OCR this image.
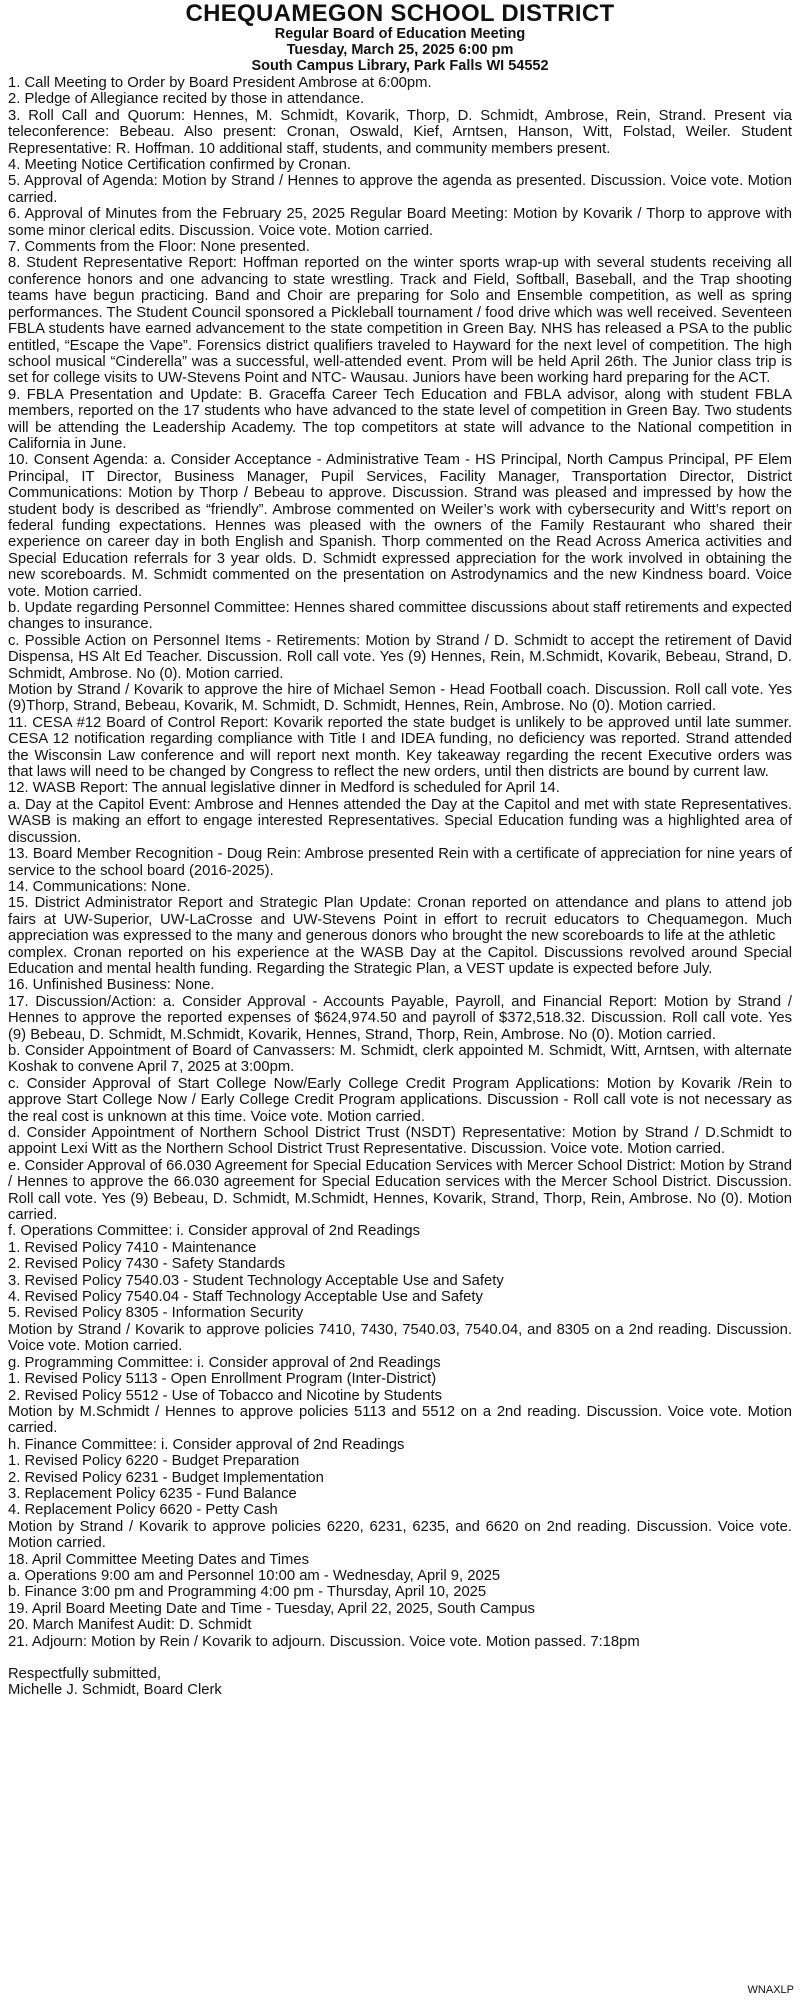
CHEQUAMEGON SCHOOL DISTRICT
Regular Board of Education Meeting
Tuesday, March 25, 2025 6:00 pm
South Campus Library, Park Falls WI 54552

1. Call Meeting to Order by Board President Ambrose at 6:00pm.

2. Pledge of Allegiance recited by those in attendance.

3. Roll Call and Quorum: Hennes, M. Schmidt, Kovarik, Thorp, D. Schmidt, Ambrose, Rein, Strand. Present via teleconference: Bebeau. Also present: Cronan, Oswald, Kief, Arntsen, Hanson, Witt, Folstad, Weiler. Student Representative: R. Hoffman. 10 additional staff, students, and community members present.

4. Meeting Notice Certification confirmed by Cronan.

5. Approval of Agenda: Motion by Strand / Hennes to approve the agenda as presented. Discussion. Voice vote. Motion carried.

6. Approval of Minutes from the February 25, 2025 Regular Board Meeting: Motion by Kovarik / Thorp to approve with some minor clerical edits. Discussion. Voice vote. Motion carried.

7. Comments from the Floor: None presented.

8. Student Representative Report: Hoffman reported on the winter sports wrap-up with several students receiving all conference honors and one advancing to state wrestling. Track and Field, Softball, Baseball, and the Trap shooting teams have begun practicing. Band and Choir are preparing for Solo and Ensemble competition, as well as spring performances. The Student Council sponsored a Pickleball tournament / food drive which was well received. Seventeen FBLA students have earned advancement to the state competition in Green Bay. NHS has released a PSA to the public entitled, “Escape the Vape”. Forensics district qualifiers traveled to Hayward for the next level of competition. The high school musical “Cinderella” was a successful, well-attended event. Prom will be held April 26th. The Junior class trip is set for college visits to UW-Stevens Point and NTC- Wausau. Juniors have been working hard preparing for the ACT.

9. FBLA Presentation and Update: B. Graceffa Career Tech Education and FBLA advisor, along with student FBLA members, reported on the 17 students who have advanced to the state level of competition in Green Bay. Two students will be attending the Leadership Academy. The top competitors at state will advance to the National competition in California in June.

10. Consent Agenda: a. Consider Acceptance - Administrative Team - HS Principal, North Campus Principal, PF Elem Principal, IT Director, Business Manager, Pupil Services, Facility Manager, Transportation Director, District Communications: Motion by Thorp / Bebeau to approve. Discussion. Strand was pleased and impressed by how the student body is described as “friendly”. Ambrose commented on Weiler’s work with cybersecurity and Witt’s report on federal funding expectations. Hennes was pleased with the owners of the Family Restaurant who shared their experience on career day in both English and Spanish. Thorp commented on the Read Across America activities and Special Education referrals for 3 year olds. D. Schmidt expressed appreciation for the work involved in obtaining the new scoreboards. M. Schmidt commented on the presentation on Astrodynamics and the new Kindness board. Voice vote. Motion carried.

b. Update regarding Personnel Committee: Hennes shared committee discussions about staff retirements and expected changes to insurance.

c. Possible Action on Personnel Items - Retirements: Motion by Strand / D. Schmidt to accept the retirement of David Dispensa, HS Alt Ed Teacher. Discussion. Roll call vote. Yes (9) Hennes, Rein, M.Schmidt, Kovarik, Bebeau, Strand, D. Schmidt, Ambrose. No (0). Motion carried.

Motion by Strand / Kovarik to approve the hire of Michael Semon - Head Football coach. Discussion. Roll call vote. Yes (9)Thorp, Strand, Bebeau, Kovarik, M. Schmidt, D. Schmidt, Hennes, Rein, Ambrose. No (0). Motion carried.

11. CESA #12 Board of Control Report: Kovarik reported the state budget is unlikely to be approved until late summer. CESA 12 notification regarding compliance with Title I and IDEA funding, no deficiency was reported. Strand attended the Wisconsin Law conference and will report next month. Key takeaway regarding the recent Executive orders was that laws will need to be changed by Congress to reflect the new orders, until then districts are bound by current law.

12. WASB Report: The annual legislative dinner in Medford is scheduled for April 14.

a. Day at the Capitol Event: Ambrose and Hennes attended the Day at the Capitol and met with state Representatives. WASB is making an effort to engage interested Representatives. Special Education funding was a highlighted area of discussion.

13. Board Member Recognition - Doug Rein: Ambrose presented Rein with a certificate of appreciation for nine years of service to the school board (2016-2025).

14. Communications: None.

15. District Administrator Report and Strategic Plan Update: Cronan reported on attendance and plans to attend job fairs at UW-Superior, UW-LaCrosse and UW-Stevens Point in effort to recruit educators to Chequamegon. Much appreciation was expressed to the many and generous donors who brought the new scoreboards to life at the athletic

complex. Cronan reported on his experience at the WASB Day at the Capitol. Discussions revolved around Special Education and mental health funding. Regarding the Strategic Plan, a VEST update is expected before July.

16. Unfinished Business: None.

17. Discussion/Action: a. Consider Approval - Accounts Payable, Payroll, and Financial Report: Motion by Strand / Hennes to approve the reported expenses of $624,974.50 and payroll of $372,518.32. Discussion. Roll call vote. Yes (9) Bebeau, D. Schmidt, M.Schmidt, Kovarik, Hennes, Strand, Thorp, Rein, Ambrose. No (0). Motion carried.

b. Consider Appointment of Board of Canvassers: M. Schmidt, clerk appointed M. Schmidt, Witt, Arntsen, with alternate Koshak to convene April 7, 2025 at 3:00pm.

c. Consider Approval of Start College Now/Early College Credit Program Applications: Motion by Kovarik /Rein to approve Start College Now / Early College Credit Program applications. Discussion - Roll call vote is not necessary as the real cost is unknown at this time. Voice vote. Motion carried.

d. Consider Appointment of Northern School District Trust (NSDT) Representative: Motion by Strand / D.Schmidt to appoint Lexi Witt as the Northern School District Trust Representative. Discussion. Voice vote. Motion carried.

e. Consider Approval of 66.030 Agreement for Special Education Services with Mercer School District: Motion by Strand / Hennes to approve the 66.030 agreement for Special Education services with the Mercer School District. Discussion. Roll call vote. Yes (9) Bebeau, D. Schmidt, M.Schmidt, Hennes, Kovarik, Strand, Thorp, Rein, Ambrose. No (0). Motion carried.

f. Operations Committee: i. Consider approval of 2nd Readings

1. Revised Policy 7410 - Maintenance

2. Revised Policy 7430 - Safety Standards

3. Revised Policy 7540.03 - Student Technology Acceptable Use and Safety

4. Revised Policy 7540.04 - Staff Technology Acceptable Use and Safety

5. Revised Policy 8305 - Information Security

Motion by Strand / Kovarik to approve policies 7410, 7430, 7540.03, 7540.04, and 8305 on a 2nd reading. Discussion. Voice vote. Motion carried.

g. Programming Committee: i. Consider approval of 2nd Readings

1. Revised Policy 5113 - Open Enrollment Program (Inter-District)

2. Revised Policy 5512 - Use of Tobacco and Nicotine by Students

Motion by M.Schmidt / Hennes to approve policies 5113 and 5512 on a 2nd reading. Discussion. Voice vote. Motion carried.

h. Finance Committee: i. Consider approval of 2nd Readings

1. Revised Policy 6220 - Budget Preparation

2. Revised Policy 6231 - Budget Implementation

3. Replacement Policy 6235 - Fund Balance

4. Replacement Policy 6620 - Petty Cash

Motion by Strand / Kovarik to approve policies 6220, 6231, 6235, and 6620 on 2nd reading. Discussion. Voice vote. Motion carried.

18. April Committee Meeting Dates and Times

a. Operations 9:00 am and Personnel 10:00 am - Wednesday, April 9, 2025

b. Finance 3:00 pm and Programming 4:00 pm - Thursday, April 10, 2025

19. April Board Meeting Date and Time - Tuesday, April 22, 2025, South Campus

20. March Manifest Audit: D. Schmidt

21. Adjourn: Motion by Rein / Kovarik to adjourn. Discussion. Voice vote. Motion passed. 7:18pm

Respectfully submitted,

Michelle J. Schmidt, Board Clerk

WNAXLP
